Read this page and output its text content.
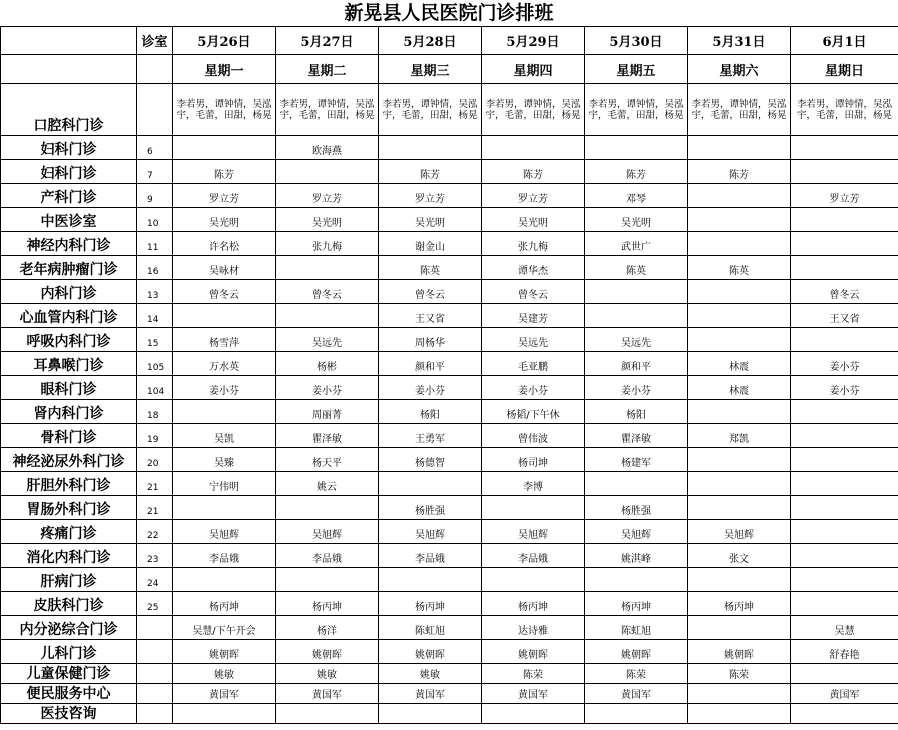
新晃县人民医院门诊排班
	诊室	5月26日	5月27日	5月28日	5月29日	5月30日	5月31日	6月1日
		星期一	星期二	星期三	星期四	星期五	星期六	星期日
口腔科门诊		李若男，谭钟情，吴泓宇，毛蕾，田甜，杨晃	李若男，谭钟情，吴泓宇，毛蕾，田甜，杨晃	李若男，谭钟情，吴泓宇，毛蕾，田甜，杨晃	李若男，谭钟情，吴泓宇，毛蕾，田甜，杨晃	李若男，谭钟情，吴泓宇，毛蕾，田甜，杨晃	李若男，谭钟情，吴泓宇，毛蕾，田甜，杨晃	李若男，谭钟情，吴泓宇，毛蕾，田甜，杨晃
妇科门诊	6		欧海燕					
妇科门诊	7	陈芳		陈芳	陈芳	陈芳	陈芳	
产科门诊	9	罗立芳	罗立芳	罗立芳	罗立芳	邓琴		罗立芳
中医诊室	10	吴光明	吴光明	吴光明	吴光明	吴光明		
神经内科门诊	11	许名松	张九梅	谢金山	张九梅	武世广		
老年病肿瘤门诊	16	吴咏材		陈英	谭华杰	陈英	陈英	
内科门诊	13	曾冬云	曾冬云	曾冬云	曾冬云			曾冬云
心血管内科门诊	14			王又省	吴建芳			王又省
呼吸内科门诊	15	杨雪萍	吴远先	周杨华	吴远先	吴远先		
耳鼻喉门诊	105	万水英	杨彬	颜和平	毛亚鹏	颜和平	林震	姜小芬
眼科门诊	104	姜小芬	姜小芬	姜小芬	姜小芬	姜小芬	林震	姜小芬
肾内科门诊	18		周丽菁	杨阳	杨韬/下午休	杨阳		
骨科门诊	19	吴凯	瞿泽敏	王勇军	曾伟波	瞿泽敏	郑凯	
神经泌尿外科门诊	20	吴臻	杨天平	杨德智	杨司坤	杨建军		
肝胆外科门诊	21	宁伟明	姚云		李博			
胃肠外科门诊	21			杨胜强		杨胜强		
疼痛门诊	22	吴旭辉	吴旭辉	吴旭辉	吴旭辉	吴旭辉	吴旭辉	
消化内科门诊	23	李品娥	李品娥	李品娥	李品娥	姚淇峰	张文	
肝病门诊	24							
皮肤科门诊	25	杨丙坤	杨丙坤	杨丙坤	杨丙坤	杨丙坤	杨丙坤	
内分泌综合门诊		吴慧/下午开会	杨洋	陈虹旭	达诗雅	陈虹旭		吴慧
儿科门诊		姚朝晖	姚朝晖	姚朝晖	姚朝晖	姚朝晖	姚朝晖	舒春艳
儿童保健门诊		姚敏	姚敏	姚敏	陈荣	陈荣	陈荣	
便民服务中心		黄国军	黄国军	黄国军	黄国军	黄国军		黄国军
医技咨询								
